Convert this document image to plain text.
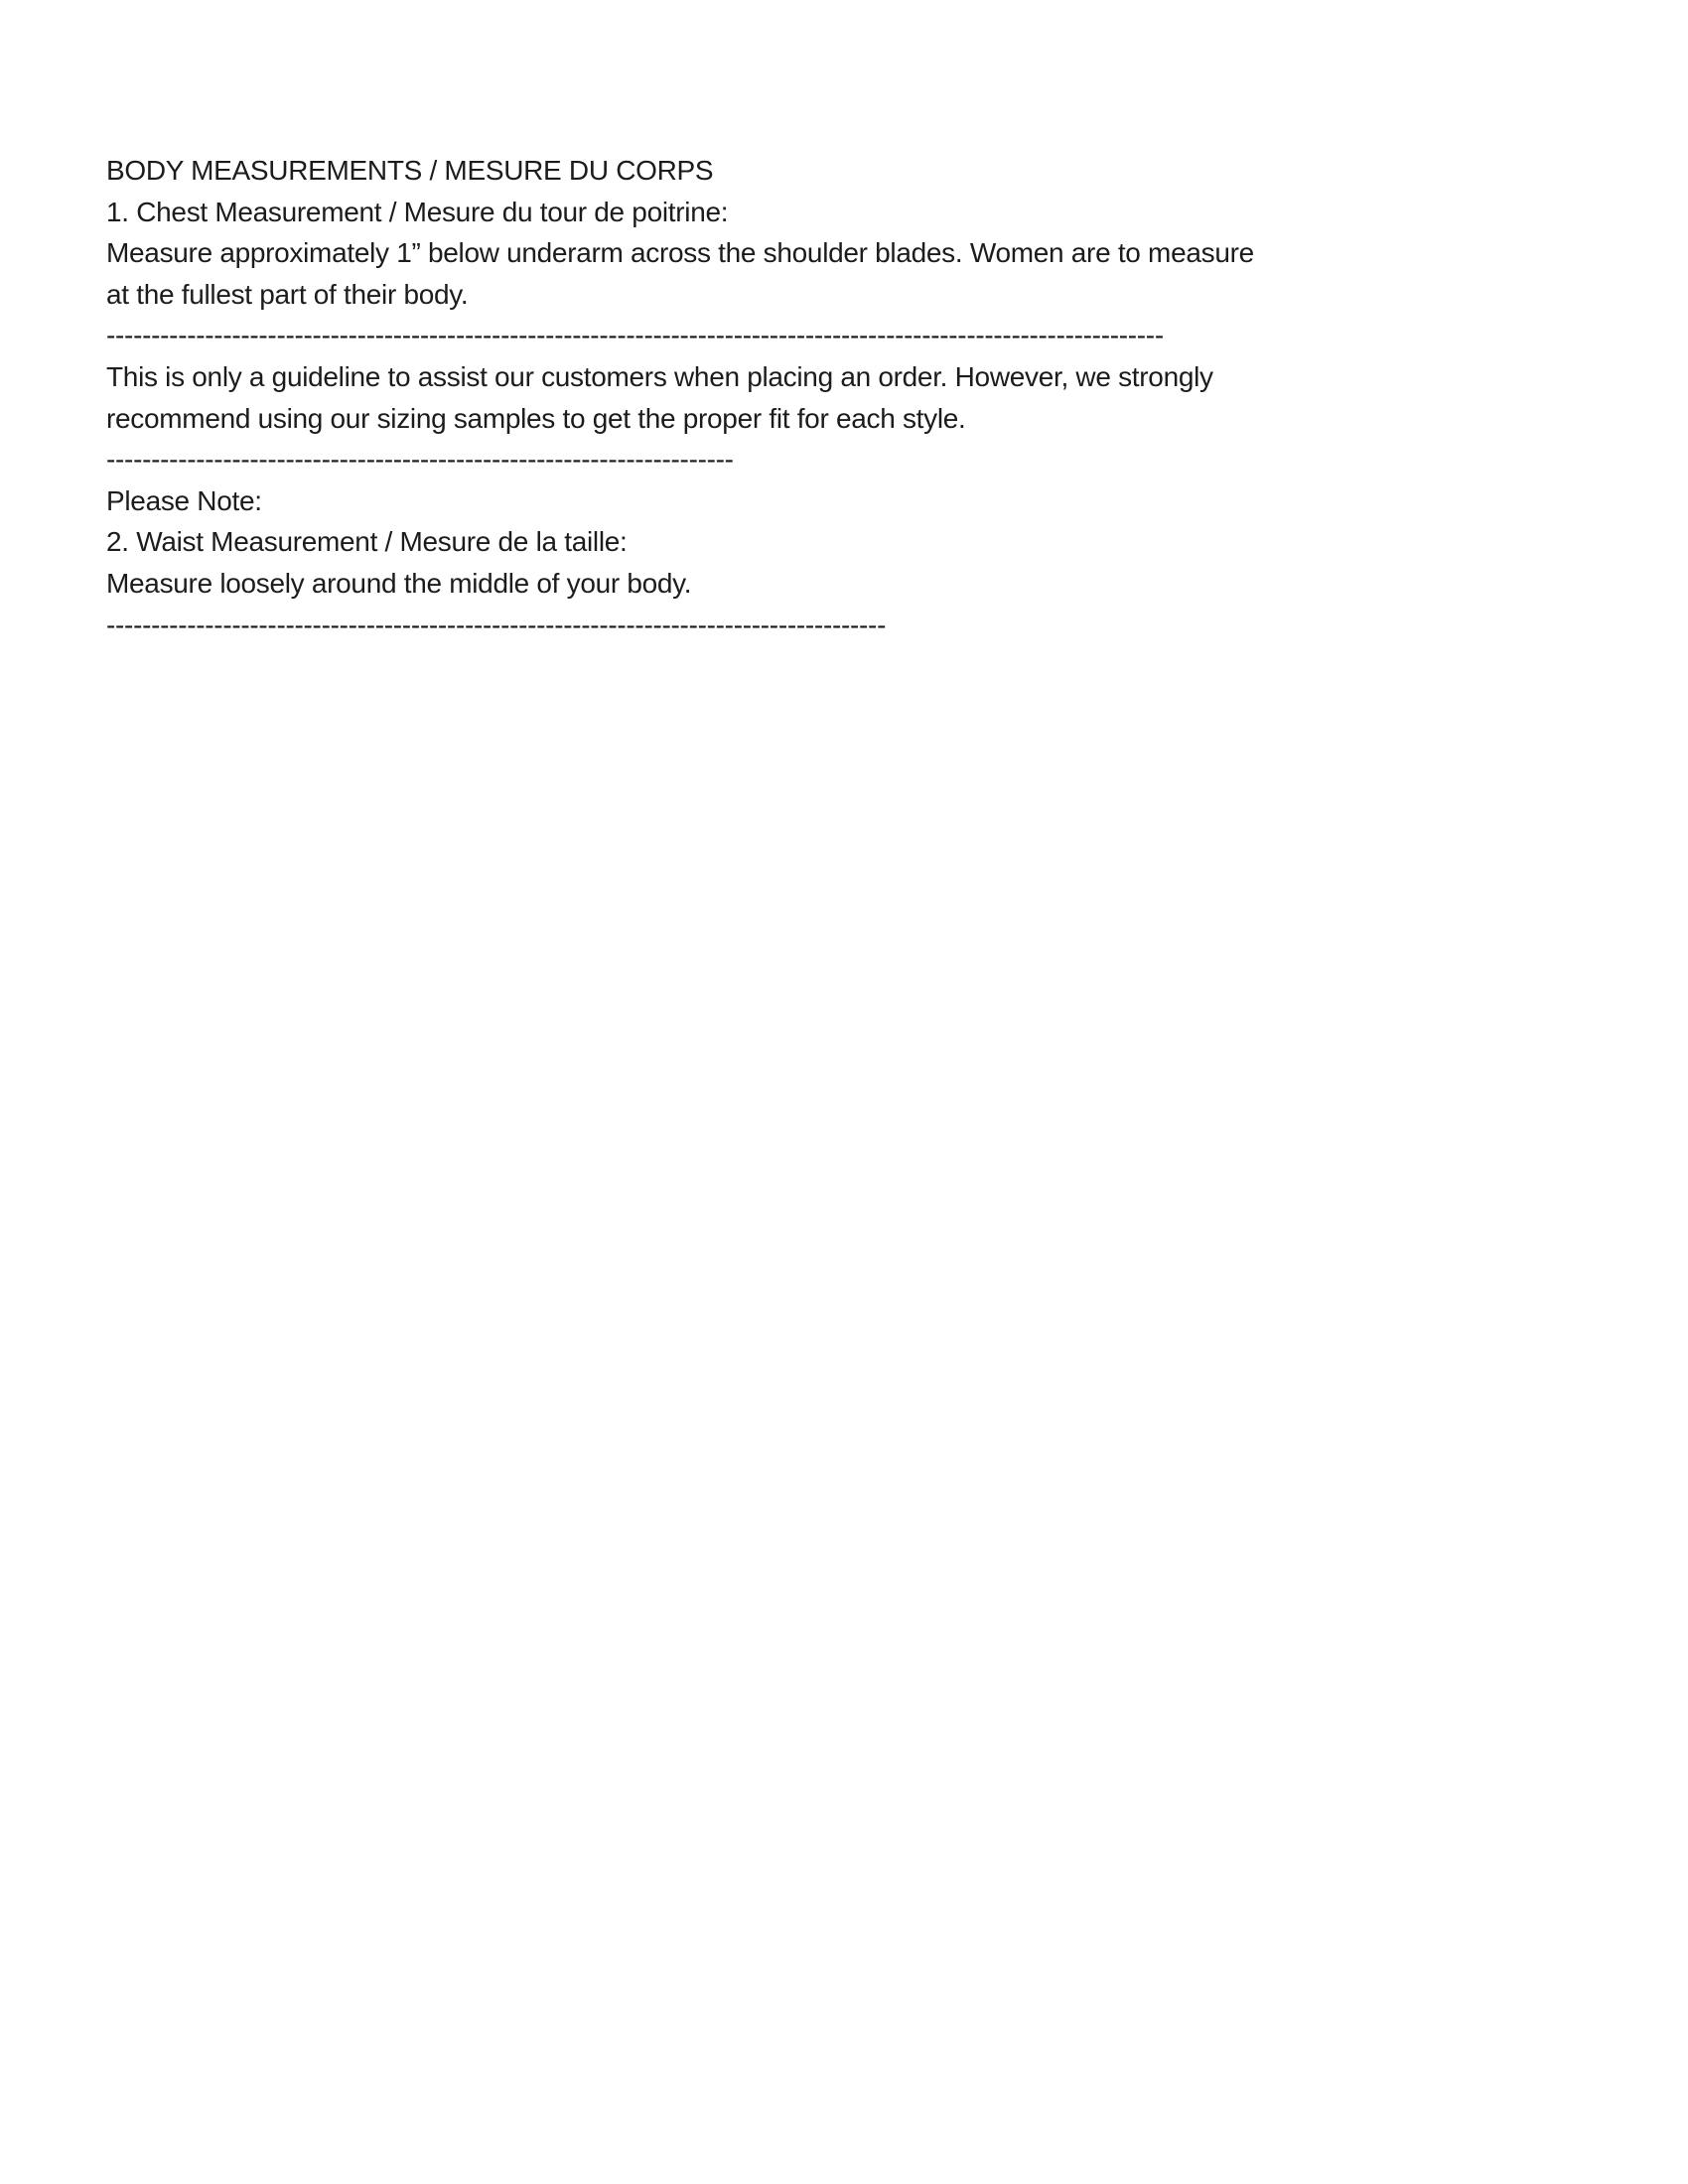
BODY MEASUREMENTS / MESURE DU CORPS
1. Chest Measurement / Mesure du tour de poitrine:
Measure approximately 1” below underarm across the shoulder blades. Women are to measure
at the fullest part of their body.
----------------------------------------------------------------------------------------------------------------------
This is only a guideline to assist our customers when placing an order. However, we strongly
recommend using our sizing samples to get the proper fit for each style.
----------------------------------------------------------------------
Please Note:
2. Waist Measurement / Mesure de la taille:
Measure loosely around the middle of your body.
---------------------------------------------------------------------------------------
